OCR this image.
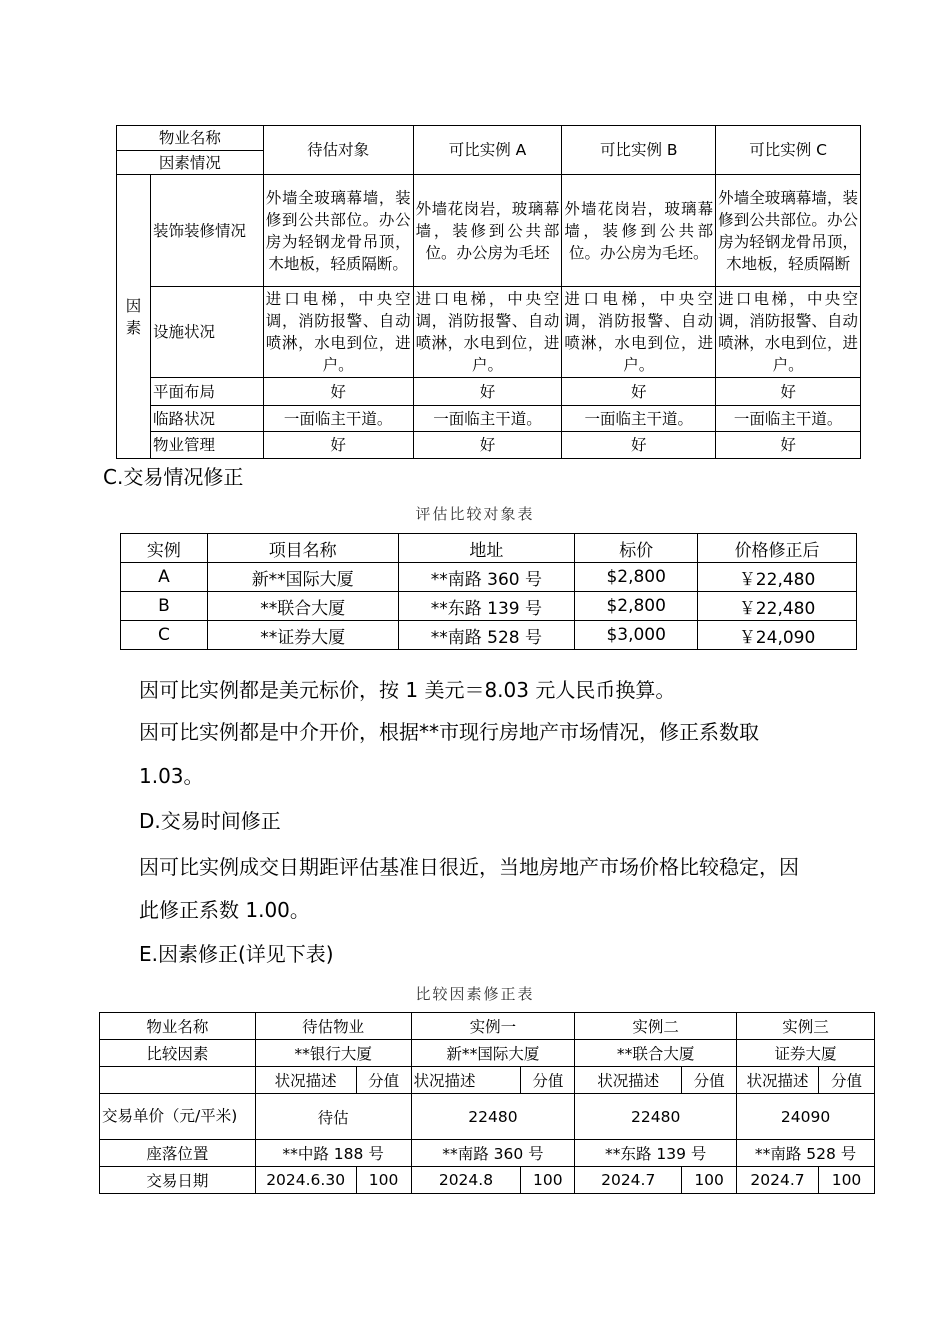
物业名称		待估对象	可比实例 A	可比实例 B	可比实例 C
因素情况					
因
素	装饰装修情况	外墙全玻璃幕墙，装修到公共部位。办公房为轻钢龙骨吊顶，木地板，轻质隔断。	外墙花岗岩，玻璃幕墙，装修到公共部位。办公房为毛坯	外墙花岗岩，玻璃幕墙，装修到公共部位。办公房为毛坯。	外墙全玻璃幕墙，装修到公共部位。办公房为轻钢龙骨吊顶，木地板，轻质隔断
	设施状况	进口电梯，中央空调，消防报警、自动喷淋，水电到位，进户。	进口电梯，中央空调，消防报警、自动喷淋，水电到位，进户。	进口电梯，中央空调，消防报警、自动喷淋，水电到位，进户。	进口电梯，中央空调，消防报警、自动喷淋，水电到位，进户。
	平面布局	好	好	好	好
	临路状况	一面临主干道。	一面临主干道。	一面临主干道。	一面临主干道。
	物业管理	好	好	好	好
C.交易情况修正
评估比较对象表
实例	项目名称	地址	标价	价格修正后
A	新**国际大厦	**南路 360 号	$2,800	￥22,480
B	**联合大厦	**东路 139 号	$2,800	￥22,480
C	**证券大厦	**南路 528 号	$3,000	￥24,090
因可比实例都是美元标价，按 1 美元＝8.03 元人民币换算。
因可比实例都是中介开价，根据**市现行房地产市场情况，修正系数取
1.03。
D.交易时间修正
因可比实例成交日期距评估基准日很近，当地房地产市场价格比较稳定，因
此修正系数 1.00。
E.因素修正(详见下表)
比较因素修正表
物业名称	待估物业		实例一		实例二		实例三	
比较因素	**银行大厦		新**国际大厦		**联合大厦		证券大厦	
	状况描述	分值	状况描述	分值	状况描述	分值	状况描述	分值
交易单价（元/平米)	待估		22480		22480		24090	
座落位置	**中路 188 号		**南路 360 号		**东路 139 号		**南路 528 号	
交易日期	2024.6.30	100	2024.8	100	2024.7	100	2024.7	100
